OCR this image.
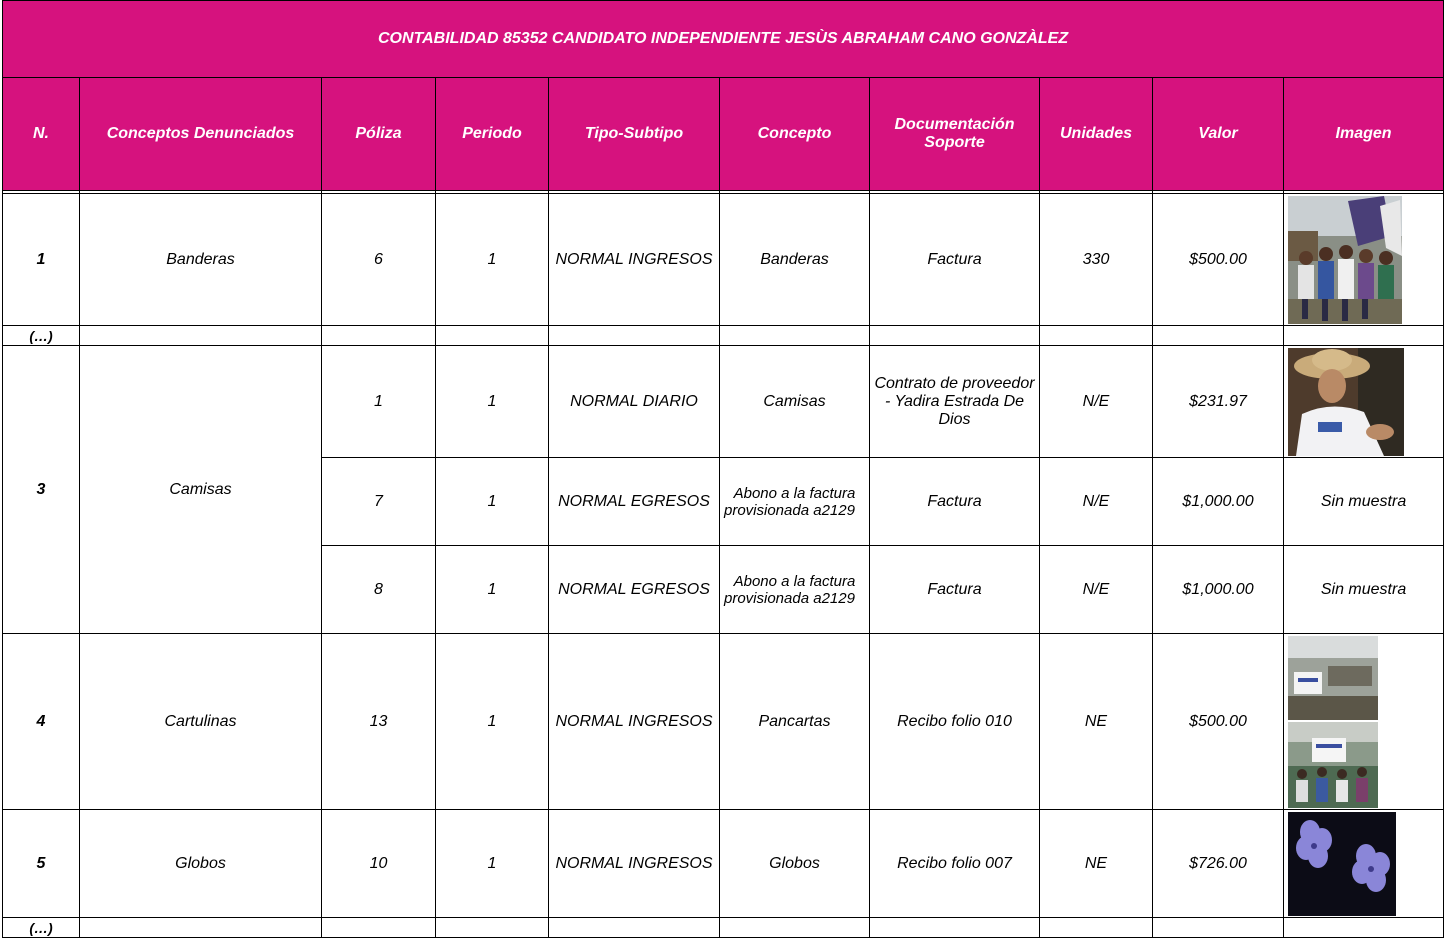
CONTABILIDAD 85352 CANDIDATO INDEPENDIENTE JESÙS ABRAHAM CANO GONZÀLEZ									
N.	Conceptos Denunciados	Póliza	Periodo	Tipo-Subtipo	Concepto	Documentación Soporte	Unidades	Valor	Imagen

1	Banderas	6	1	NORMAL INGRESOS	Banderas	Factura	330	$500.00	

(…)									
3	Camisas	1	1	NORMAL DIARIO	Camisas	Contrato de proveedor - Yadira Estrada De Dios	N/E	$231.97	

		7	1	NORMAL EGRESOS	Abono a la factura provisionada a2129	Factura	N/E	$1,000.00	Sin muestra
		8	1	NORMAL EGRESOS	Abono a la factura provisionada a2129	Factura	N/E	$1,000.00	Sin muestra
4	Cartulinas	13	1	NORMAL INGRESOS	Pancartas	Recibo folio 010	NE	$500.00	

5	Globos	10	1	NORMAL INGRESOS	Globos	Recibo folio 007	NE	$726.00	

(…)									
